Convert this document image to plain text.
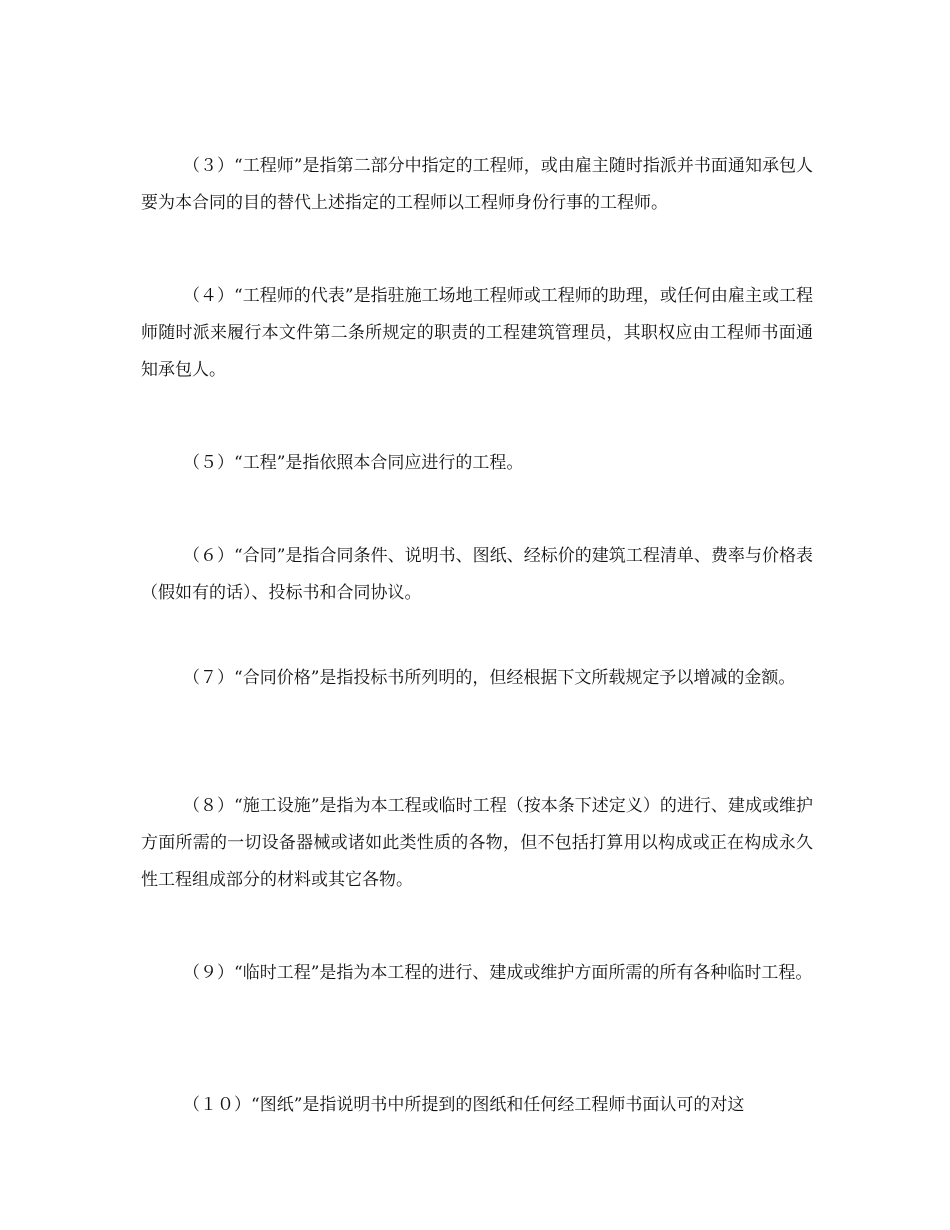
（３）“工程师”是指第二部分中指定的工程师，或由雇主随时指派并书面通知承包人要为本合同的目的替代上述指定的工程师以工程师身份行事的工程师。

（４）“工程师的代表”是指驻施工场地工程师或工程师的助理，或任何由雇主或工程师随时派来履行本文件第二条所规定的职责的工程建筑管理员，其职权应由工程师书面通知承包人。

（５）“工程”是指依照本合同应进行的工程。

（６）“合同”是指合同条件、说明书、图纸、经标价的建筑工程清单、费率与价格表（假如有的话）、投标书和合同协议。

（７）“合同价格”是指投标书所列明的，但经根据下文所载规定予以增减的金额。

（８）“施工设施”是指为本工程或临时工程（按本条下述定义）的进行、建成或维护方面所需的一切设备器械或诸如此类性质的各物，但不包括打算用以构成或正在构成永久性工程组成部分的材料或其它各物。

（９）“临时工程”是指为本工程的进行、建成或维护方面所需的所有各种临时工程。

（１０）“图纸”是指说明书中所提到的图纸和任何经工程师书面认可的对这
